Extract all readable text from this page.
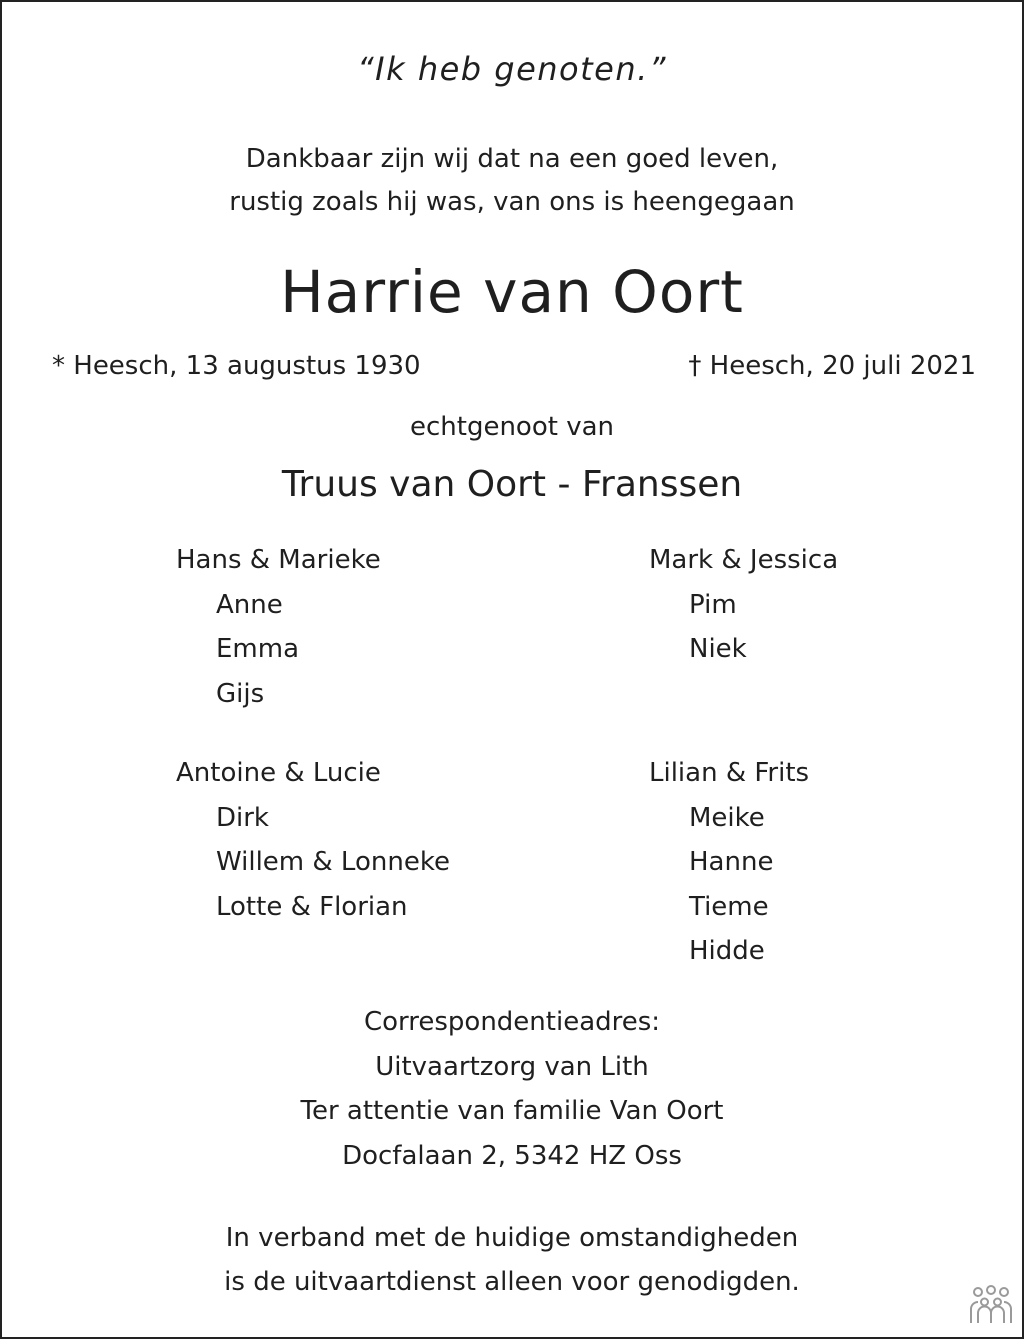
“Ik heb genoten.”
Dankbaar zijn wij dat na een goed leven,
rustig zoals hij was, van ons is heengegaan
Harrie van Oort
* Heesch, 13 augustus 1930	† Heesch, 20 juli 2021
echtgenoot van
Truus van Oort - Franssen
Hans & Marieke
Anne
Emma
Gijs
Mark & Jessica
Pim
Niek
Antoine & Lucie
Dirk
Willem & Lonneke
Lotte & Florian
Lilian & Frits
Meike
Hanne
Tieme
Hidde
Correspondentieadres:
Uitvaartzorg van Lith
Ter attentie van familie Van Oort
Docfalaan 2, 5342 HZ Oss
In verband met de huidige omstandigheden
is de uitvaartdienst alleen voor genodigden.
